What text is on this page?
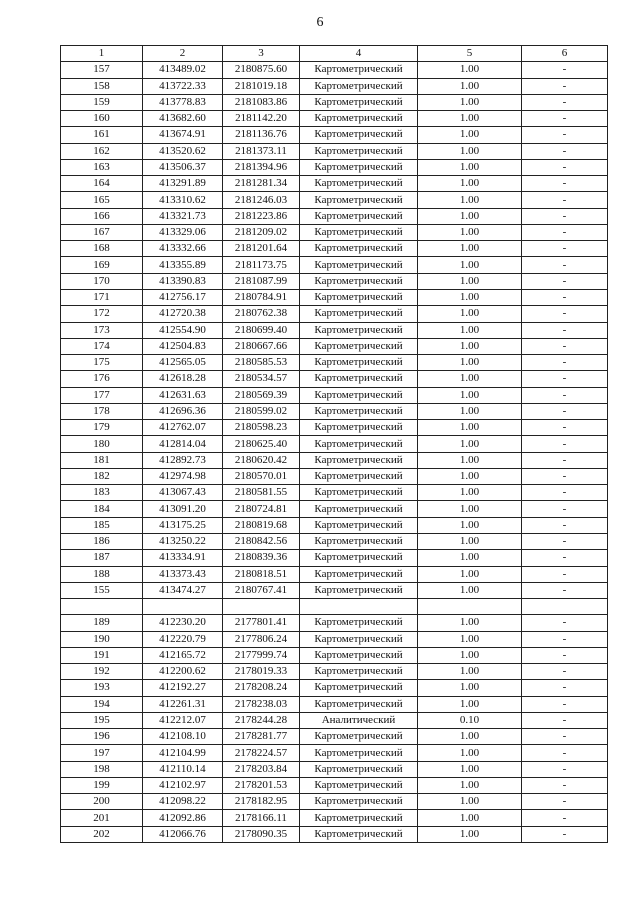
6
1	2	3	4	5	6
157	413489.02	2180875.60	Картометрический	1.00	-
158	413722.33	2181019.18	Картометрический	1.00	-
159	413778.83	2181083.86	Картометрический	1.00	-
160	413682.60	2181142.20	Картометрический	1.00	-
161	413674.91	2181136.76	Картометрический	1.00	-
162	413520.62	2181373.11	Картометрический	1.00	-
163	413506.37	2181394.96	Картометрический	1.00	-
164	413291.89	2181281.34	Картометрический	1.00	-
165	413310.62	2181246.03	Картометрический	1.00	-
166	413321.73	2181223.86	Картометрический	1.00	-
167	413329.06	2181209.02	Картометрический	1.00	-
168	413332.66	2181201.64	Картометрический	1.00	-
169	413355.89	2181173.75	Картометрический	1.00	-
170	413390.83	2181087.99	Картометрический	1.00	-
171	412756.17	2180784.91	Картометрический	1.00	-
172	412720.38	2180762.38	Картометрический	1.00	-
173	412554.90	2180699.40	Картометрический	1.00	-
174	412504.83	2180667.66	Картометрический	1.00	-
175	412565.05	2180585.53	Картометрический	1.00	-
176	412618.28	2180534.57	Картометрический	1.00	-
177	412631.63	2180569.39	Картометрический	1.00	-
178	412696.36	2180599.02	Картометрический	1.00	-
179	412762.07	2180598.23	Картометрический	1.00	-
180	412814.04	2180625.40	Картометрический	1.00	-
181	412892.73	2180620.42	Картометрический	1.00	-
182	412974.98	2180570.01	Картометрический	1.00	-
183	413067.43	2180581.55	Картометрический	1.00	-
184	413091.20	2180724.81	Картометрический	1.00	-
185	413175.25	2180819.68	Картометрический	1.00	-
186	413250.22	2180842.56	Картометрический	1.00	-
187	413334.91	2180839.36	Картометрический	1.00	-
188	413373.43	2180818.51	Картометрический	1.00	-
155	413474.27	2180767.41	Картометрический	1.00	-

189	412230.20	2177801.41	Картометрический	1.00	-
190	412220.79	2177806.24	Картометрический	1.00	-
191	412165.72	2177999.74	Картометрический	1.00	-
192	412200.62	2178019.33	Картометрический	1.00	-
193	412192.27	2178208.24	Картометрический	1.00	-
194	412261.31	2178238.03	Картометрический	1.00	-
195	412212.07	2178244.28	Аналитический	0.10	-
196	412108.10	2178281.77	Картометрический	1.00	-
197	412104.99	2178224.57	Картометрический	1.00	-
198	412110.14	2178203.84	Картометрический	1.00	-
199	412102.97	2178201.53	Картометрический	1.00	-
200	412098.22	2178182.95	Картометрический	1.00	-
201	412092.86	2178166.11	Картометрический	1.00	-
202	412066.76	2178090.35	Картометрический	1.00	-
